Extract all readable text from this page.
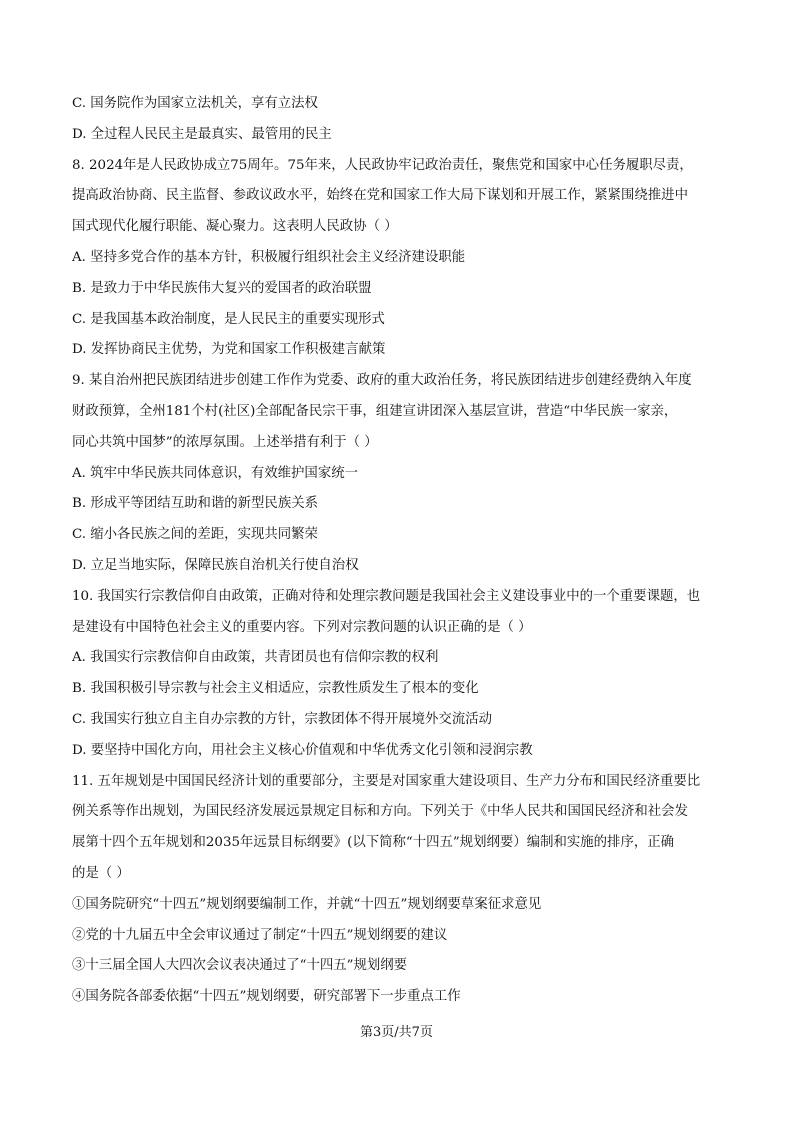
C. 国务院作为国家立法机关，享有立法权
D. 全过程人民民主是最真实、最管用的民主
8. 2024年是人民政协成立75周年。75年来，人民政协牢记政治责任，聚焦党和国家中心任务履职尽责，
提高政治协商、民主监督、参政议政水平，始终在党和国家工作大局下谋划和开展工作，紧紧围绕推进中
国式现代化履行职能、凝心聚力。这表明人民政协（ ）
A. 坚持多党合作的基本方针，积极履行组织社会主义经济建设职能
B. 是致力于中华民族伟大复兴的爱国者的政治联盟
C. 是我国基本政治制度，是人民民主的重要实现形式
D. 发挥协商民主优势，为党和国家工作积极建言献策
9. 某自治州把民族团结进步创建工作作为党委、政府的重大政治任务，将民族团结进步创建经费纳入年度
财政预算，全州181个村(社区)全部配备民宗干事，组建宣讲团深入基层宣讲，营造“中华民族一家亲，
同心共筑中国梦”的浓厚氛围。上述举措有利于（ ）
A. 筑牢中华民族共同体意识，有效维护国家统一
B. 形成平等团结互助和谐的新型民族关系
C. 缩小各民族之间的差距，实现共同繁荣
D. 立足当地实际，保障民族自治机关行使自治权
10. 我国实行宗教信仰自由政策，正确对待和处理宗教问题是我国社会主义建设事业中的一个重要课题，也
是建设有中国特色社会主义的重要内容。下列对宗教问题的认识正确的是（ ）
A. 我国实行宗教信仰自由政策，共青团员也有信仰宗教的权利
B. 我国积极引导宗教与社会主义相适应，宗教性质发生了根本的变化
C. 我国实行独立自主自办宗教的方针，宗教团体不得开展境外交流活动
D. 要坚持中国化方向，用社会主义核心价值观和中华优秀文化引领和浸润宗教
11. 五年规划是中国国民经济计划的重要部分，主要是对国家重大建设项目、生产力分布和国民经济重要比
例关系等作出规划，为国民经济发展远景规定目标和方向。下列关于《中华人民共和国国民经济和社会发
展第十四个五年规划和2035年远景目标纲要》(以下简称“十四五”规划纲要）编制和实施的排序，正确
的是（ ）
①国务院研究“十四五”规划纲要编制工作，并就“十四五”规划纲要草案征求意见
②党的十九届五中全会审议通过了制定“十四五”规划纲要的建议
③十三届全国人大四次会议表决通过了“十四五”规划纲要
④国务院各部委依据“十四五”规划纲要，研究部署下一步重点工作
第3页/共7页
